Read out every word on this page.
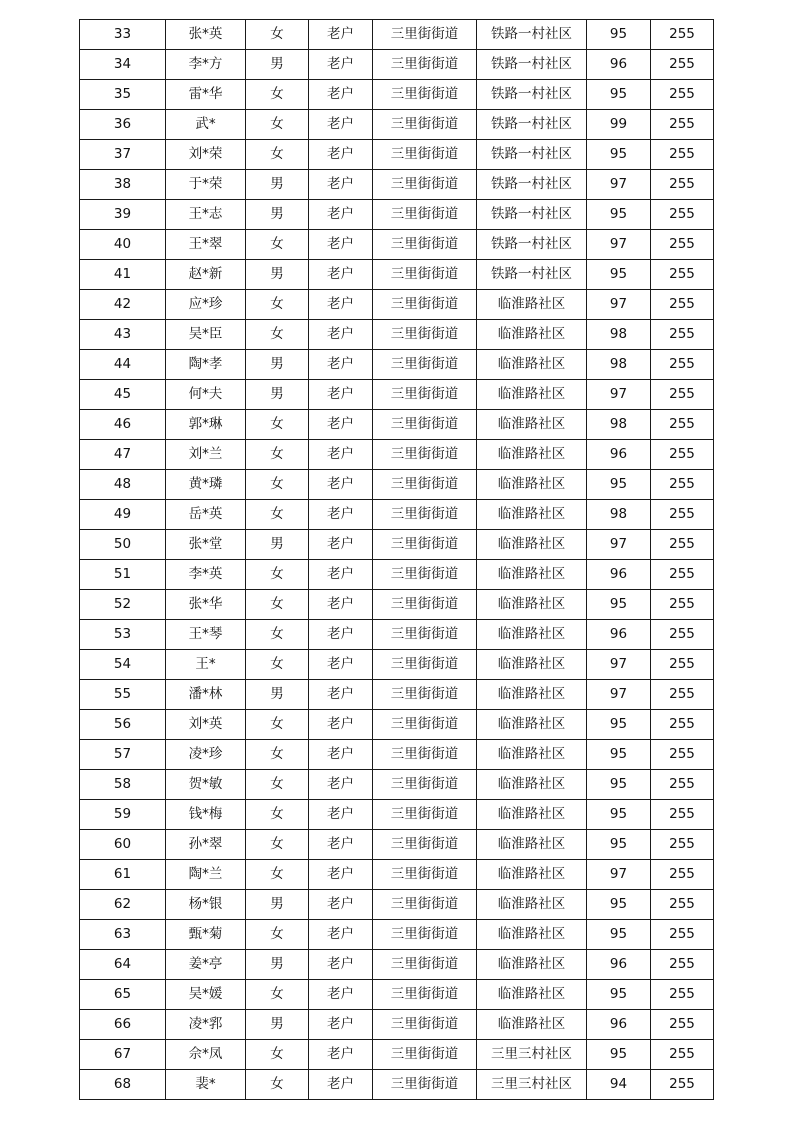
33	张*英	女	老户	三里街街道	铁路一村社区	95	255
34	李*方	男	老户	三里街街道	铁路一村社区	96	255
35	雷*华	女	老户	三里街街道	铁路一村社区	95	255
36	武*	女	老户	三里街街道	铁路一村社区	99	255
37	刘*荣	女	老户	三里街街道	铁路一村社区	95	255
38	于*荣	男	老户	三里街街道	铁路一村社区	97	255
39	王*志	男	老户	三里街街道	铁路一村社区	95	255
40	王*翠	女	老户	三里街街道	铁路一村社区	97	255
41	赵*新	男	老户	三里街街道	铁路一村社区	95	255
42	应*珍	女	老户	三里街街道	临淮路社区	97	255
43	吴*臣	女	老户	三里街街道	临淮路社区	98	255
44	陶*孝	男	老户	三里街街道	临淮路社区	98	255
45	何*夫	男	老户	三里街街道	临淮路社区	97	255
46	郭*琳	女	老户	三里街街道	临淮路社区	98	255
47	刘*兰	女	老户	三里街街道	临淮路社区	96	255
48	黄*璘	女	老户	三里街街道	临淮路社区	95	255
49	岳*英	女	老户	三里街街道	临淮路社区	98	255
50	张*堂	男	老户	三里街街道	临淮路社区	97	255
51	李*英	女	老户	三里街街道	临淮路社区	96	255
52	张*华	女	老户	三里街街道	临淮路社区	95	255
53	王*琴	女	老户	三里街街道	临淮路社区	96	255
54	王*	女	老户	三里街街道	临淮路社区	97	255
55	潘*林	男	老户	三里街街道	临淮路社区	97	255
56	刘*英	女	老户	三里街街道	临淮路社区	95	255
57	凌*珍	女	老户	三里街街道	临淮路社区	95	255
58	贺*敏	女	老户	三里街街道	临淮路社区	95	255
59	钱*梅	女	老户	三里街街道	临淮路社区	95	255
60	孙*翠	女	老户	三里街街道	临淮路社区	95	255
61	陶*兰	女	老户	三里街街道	临淮路社区	97	255
62	杨*银	男	老户	三里街街道	临淮路社区	95	255
63	甄*菊	女	老户	三里街街道	临淮路社区	95	255
64	姜*亭	男	老户	三里街街道	临淮路社区	96	255
65	吴*媛	女	老户	三里街街道	临淮路社区	95	255
66	凌*郛	男	老户	三里街街道	临淮路社区	96	255
67	佘*凤	女	老户	三里街街道	三里三村社区	95	255
68	裴*	女	老户	三里街街道	三里三村社区	94	255
